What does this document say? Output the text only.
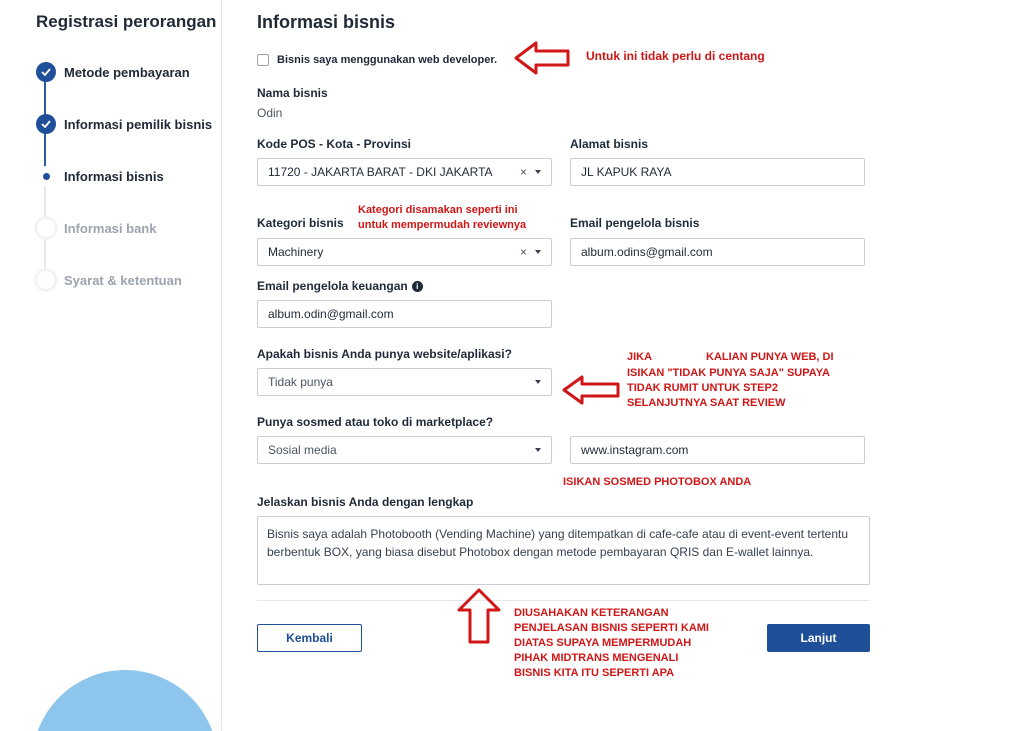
Registrasi perorangan
Metode pembayaran
Informasi pemilik bisnis
Informasi bisnis
Informasi bank
Syarat & ketentuan
Informasi bisnis
Bisnis saya menggunakan web developer.
Nama bisnis
Odin
Kode POS - Kota - Provinsi
11720 - JAKARTA BARAT - DKI JAKARTA	×
Alamat bisnis
JL KAPUK RAYA
Kategori bisnis
Machinery	×
Email pengelola bisnis
album.odins@gmail.com
Email pengelola keuangan i
album.odin@gmail.com
Apakah bisnis Anda punya website/aplikasi?
Tidak punya
Punya sosmed atau toko di marketplace?
Sosial media	www.instagram.com
Jelaskan bisnis Anda dengan lengkap
Bisnis saya adalah Photobooth (Vending Machine) yang ditempatkan di cafe-cafe atau di event-event tertentu berbentuk BOX, yang biasa disebut Photobox dengan metode pembayaran QRIS dan E-wallet lainnya.
Kembali	Lanjut
Untuk ini tidak perlu di centang
Kategori disamakan seperti ini
untuk mempermudah reviewnya
JIKA	KALIAN PUNYA WEB, DI
ISIKAN "TIDAK PUNYA SAJA" SUPAYA
TIDAK RUMIT UNTUK STEP2
SELANJUTNYA SAAT REVIEW
ISIKAN SOSMED PHOTOBOX ANDA
DIUSAHAKAN KETERANGAN
PENJELASAN BISNIS SEPERTI KAMI
DIATAS SUPAYA MEMPERMUDAH
PIHAK MIDTRANS MENGENALI
BISNIS KITA ITU SEPERTI APA
